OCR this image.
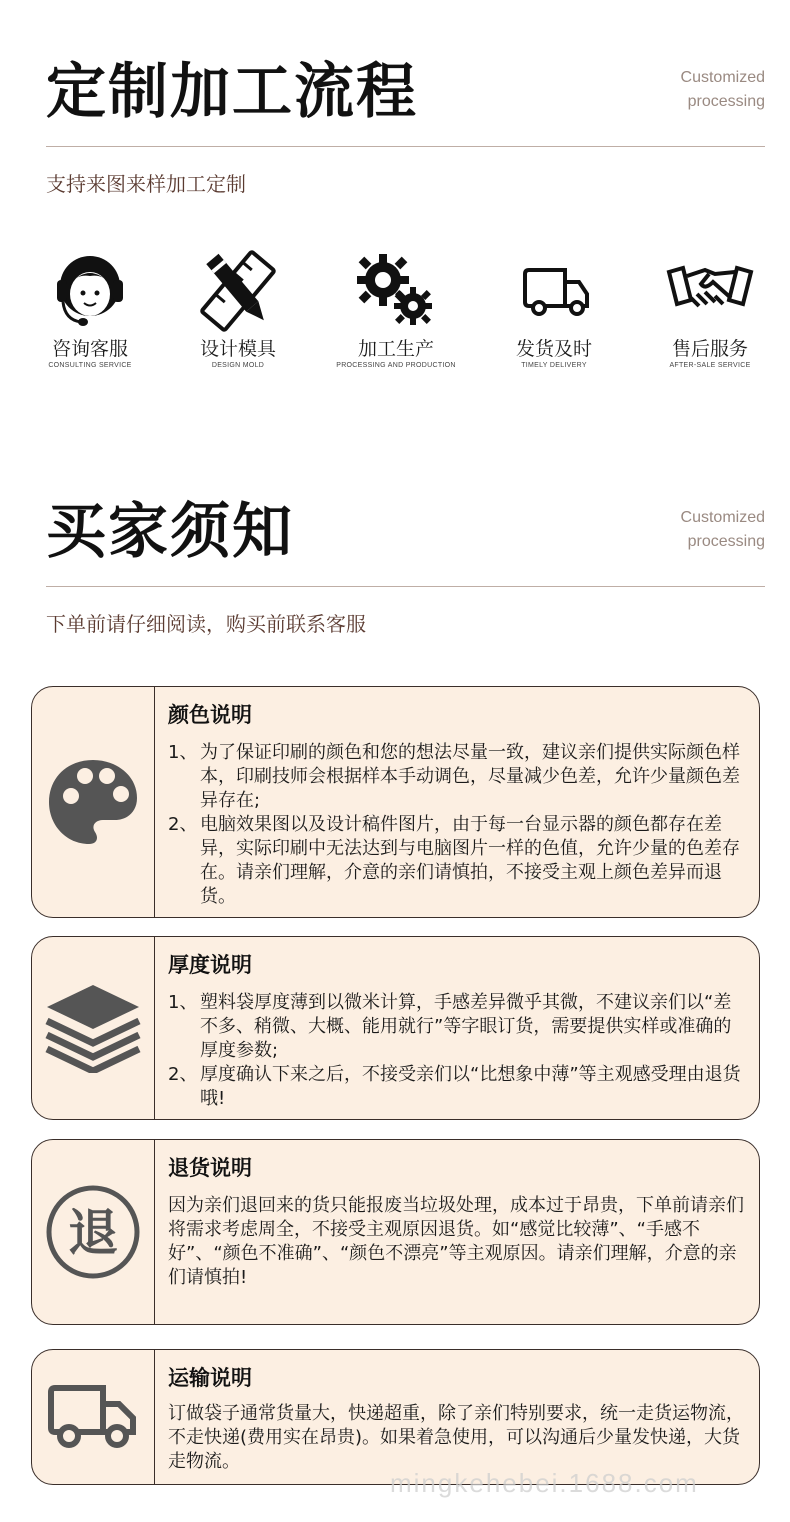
定制加工流程	Customized
processing
支持来图来样加工定制
咨询客服
CONSULTING SERVICE
设计模具
DESIGN MOLD
加工生产
PROCESSING AND PRODUCTION
发货及时
TIMELY DELIVERY
售后服务
AFTER-SALE SERVICE
买家须知	Customized
processing
下单前请仔细阅读，购买前联系客服
颜色说明
1、 为了保证印刷的颜色和您的想法尽量一致，建议亲们提供实际颜色样本，印刷技师会根据样本手动调色，尽量减少色差，允许少量颜色差异存在;
2、 电脑效果图以及设计稿件图片，由于每一台显示器的颜色都存在差异，实际印刷中无法达到与电脑图片一样的色值，允许少量的色差存在。请亲们理解，介意的亲们请慎拍，不接受主观上颜色差异而退货。
厚度说明
1、 塑料袋厚度薄到以微米计算，手感差异微乎其微，不建议亲们以“差不多、稍微、大概、能用就行”等字眼订货，需要提供实样或准确的厚度参数;
2、 厚度确认下来之后，不接受亲们以“比想象中薄”等主观感受理由退货哦!
退
退货说明

因为亲们退回来的货只能报废当垃圾处理，成本过于昂贵，下单前请亲们将需求考虑周全，不接受主观原因退货。如“感觉比较薄”、“手感不好”、“颜色不准确”、“颜色不漂亮”等主观原因。请亲们理解，介意的亲们请慎拍!

运输说明

订做袋子通常货量大，快递超重，除了亲们特别要求，统一走货运物流，不走快递(费用实在昂贵)。如果着急使用，可以沟通后少量发快递，大货走物流。

mingkehebei.1688.com
